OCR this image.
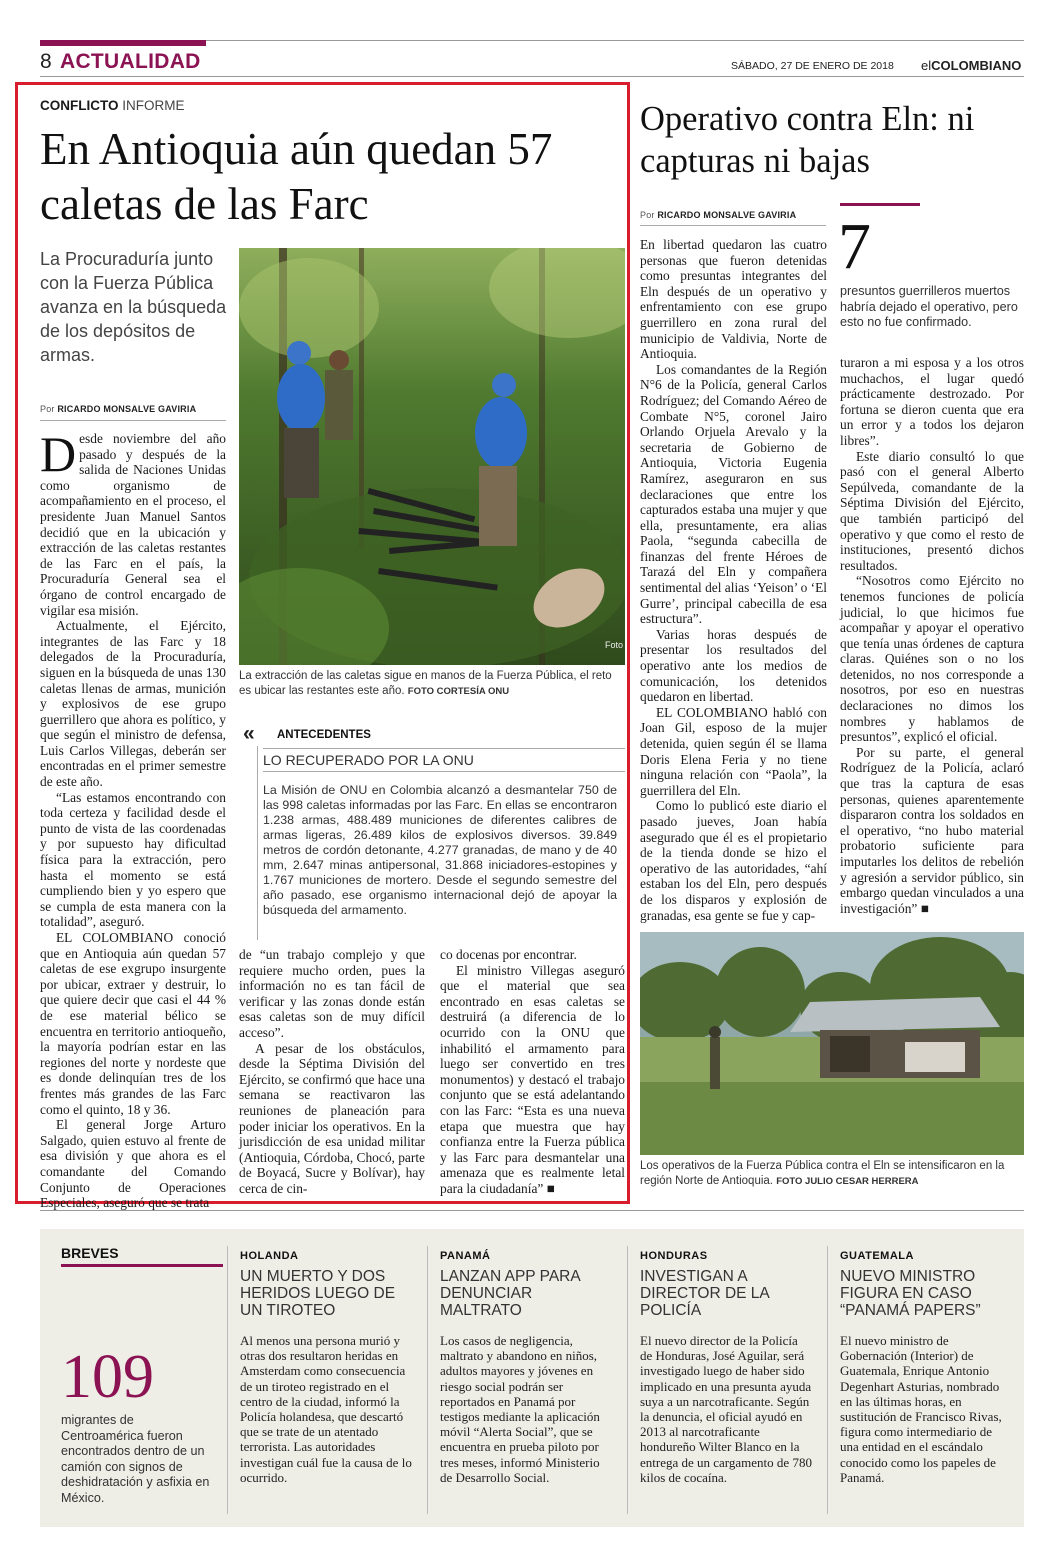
8 ACTUALIDAD	SÁBADO, 27 DE ENERO DE 2018 elCOLOMBIANO
CONFLICTO INFORME
En Antioquia aún quedan 57 caletas de las Farc
La Procuraduría junto con la Fuerza Pública avanza en la búsqueda de los depósitos de armas.
Por RICARDO MONSALVE GAVIRIA
Foto
La extracción de las caletas sigue en manos de la Fuerza Pública, el reto es ubicar las restantes este año. FOTO CORTESÍA ONU
« ANTECEDENTES
LO RECUPERADO POR LA ONU
La Misión de ONU en Colombia alcanzó a desmantelar 750 de las 998 caletas informadas por las Farc. En ellas se encontraron 1.238 armas, 488.489 municiones de diferentes calibres de armas ligeras, 26.489 kilos de explosivos diversos. 39.849 metros de cordón detonante, 4.277 granadas, de mano y de 40 mm, 2.647 minas antipersonal, 31.868 iniciadores-estopines y 1.767 municiones de mortero. Desde el segundo semestre del año pasado, ese organismo internacional dejó de apoyar la búsqueda del armamento.

Desde noviembre del año pasado y después de la salida de Naciones Unidas como organismo de acompañamiento en el proceso, el presidente Juan Manuel Santos decidió que en la ubicación y extracción de las caletas restantes de las Farc en el país, la Procuraduría General sea el órgano de control encargado de vigilar esa misión.

Actualmente, el Ejército, integrantes de las Farc y 18 delegados de la Procuraduría, siguen en la búsqueda de unas 130 caletas llenas de armas, munición y explosivos de ese grupo guerrillero que ahora es político, y que según el ministro de defensa, Luis Carlos Villegas, deberán ser encontradas en el primer semestre de este año.

“Las estamos encontrando con toda certeza y facilidad desde el punto de vista de las coordenadas y por supuesto hay dificultad física para la extracción, pero hasta el momento se está cumpliendo bien y yo espero que se cumpla de esta manera con la totalidad”, aseguró.

EL COLOMBIANO conoció que en Antioquia aún quedan 57 caletas de ese exgrupo insurgente por ubicar, extraer y destruir, lo que quiere decir que casi el 44 % de ese material bélico se encuentra en territorio antioqueño, la mayoría podrían estar en las regiones del norte y nordeste que es donde delinquían tres de los frentes más grandes de las Farc como el quinto, 18 y 36.

El general Jorge Arturo Salgado, quien estuvo al frente de esa división y que ahora es el comandante del Comando Conjunto de Operaciones Especiales, aseguró que se trata

de “un trabajo complejo y que requiere mucho orden, pues la información no es tan fácil de verificar y las zonas donde están esas caletas son de muy difícil acceso”.

A pesar de los obstáculos, desde la Séptima División del Ejército, se confirmó que hace una semana se reactivaron las reuniones de planeación para poder iniciar los operativos. En la jurisdicción de esa unidad militar (Antioquia, Córdoba, Chocó, parte de Boyacá, Sucre y Bolívar), hay cerca de cin-

co docenas por encontrar.

El ministro Villegas aseguró que el material que sea encontrado en esas caletas se destruirá (a diferencia de lo ocurrido con la ONU que inhabilitó el armamento para luego ser convertido en tres monumentos) y destacó el trabajo conjunto que se está adelantando con las Farc: “Esta es una nueva etapa que muestra que hay confianza entre la Fuerza pública y las Farc para desmantelar una amenaza que es realmente letal para la ciudadanía” ■

Operativo contra Eln: ni capturas ni bajas
Por RICARDO MONSALVE GAVIRIA 7
presuntos guerrilleros muertos habría dejado el operativo, pero esto no fue confirmado.

En libertad quedaron las cuatro personas que fueron detenidas como presuntas integrantes del Eln después de un operativo y enfrentamiento con ese grupo guerrillero en zona rural del municipio de Valdivia, Norte de Antioquia.

Los comandantes de la Región N°6 de la Policía, general Carlos Rodríguez; del Comando Aéreo de Combate N°5, coronel Jairo Orlando Orjuela Arevalo y la secretaria de Gobierno de Antioquia, Victoria Eugenia Ramírez, aseguraron en sus declaraciones que entre los capturados estaba una mujer y que ella, presuntamente, era alias Paola, “segunda cabecilla de finanzas del frente Héroes de Tarazá del Eln y compañera sentimental del alias ‘Yeison’ o ‘El Gurre’, principal cabecilla de esa estructura”.

Varias horas después de presentar los resultados del operativo ante los medios de comunicación, los detenidos quedaron en libertad.

EL COLOMBIANO habló con Joan Gil, esposo de la mujer detenida, quien según él se llama Doris Elena Feria y no tiene ninguna relación con “Paola”, la guerrillera del Eln.

Como lo publicó este diario el pasado jueves, Joan había asegurado que él es el propietario de la tienda donde se hizo el operativo de las autoridades, “ahí estaban los del Eln, pero después de los disparos y explosión de granadas, esa gente se fue y cap-

turaron a mi esposa y a los otros muchachos, el lugar quedó prácticamente destrozado. Por fortuna se dieron cuenta que era un error y a todos los dejaron libres”.

Este diario consultó lo que pasó con el general Alberto Sepúlveda, comandante de la Séptima División del Ejército, que también participó del operativo y que como el resto de instituciones, presentó dichos resultados.

“Nosotros como Ejército no tenemos funciones de policía judicial, lo que hicimos fue acompañar y apoyar el operativo que tenía unas órdenes de captura claras. Quiénes son o no los detenidos, no nos corresponde a nosotros, por eso en nuestras declaraciones no dimos los nombres y hablamos de presuntos”, explicó el oficial.

Por su parte, el general Rodríguez de la Policía, aclaró que tras la captura de esas personas, quienes aparentemente dispararon contra los soldados en el operativo, “no hubo material probatorio suficiente para imputarles los delitos de rebelión y agresión a servidor público, sin embargo quedan vinculados a una investigación” ■

Los operativos de la Fuerza Pública contra el Eln se intensificaron en la región Norte de Antioquia. FOTO JULIO CESAR HERRERA
BREVES
109
migrantes de Centroamérica fueron encontrados dentro de un camión con signos de deshidratación y asfixia en México.
HOLANDA
UN MUERTO Y DOS HERIDOS LUEGO DE UN TIROTEO
Al menos una persona murió y otras dos resultaron heridas en Amsterdam como consecuencia de un tiroteo registrado en el centro de la ciudad, informó la Policía holandesa, que descartó que se trate de un atentado terrorista. Las autoridades investigan cuál fue la causa de lo ocurrido.
PANAMÁ
LANZAN APP PARA DENUNCIAR MALTRATO
Los casos de negligencia, maltrato y abandono en niños, adultos mayores y jóvenes en riesgo social podrán ser reportados en Panamá por testigos mediante la aplicación móvil “Alerta Social”, que se encuentra en prueba piloto por tres meses, informó Ministerio de Desarrollo Social.
HONDURAS
INVESTIGAN A DIRECTOR DE LA POLICÍA
El nuevo director de la Policía de Honduras, José Aguilar, será investigado luego de haber sido implicado en una presunta ayuda suya a un narcotraficante. Según la denuncia, el oficial ayudó en 2013 al narcotraficante hondureño Wilter Blanco en la entrega de un cargamento de 780 kilos de cocaína.
GUATEMALA
NUEVO MINISTRO FIGURA EN CASO “PANAMÁ PAPERS”
El nuevo ministro de Gobernación (Interior) de Guatemala, Enrique Antonio Degenhart Asturias, nombrado en las últimas horas, en sustitución de Francisco Rivas, figura como intermediario de una entidad en el escándalo conocido como los papeles de Panamá.
